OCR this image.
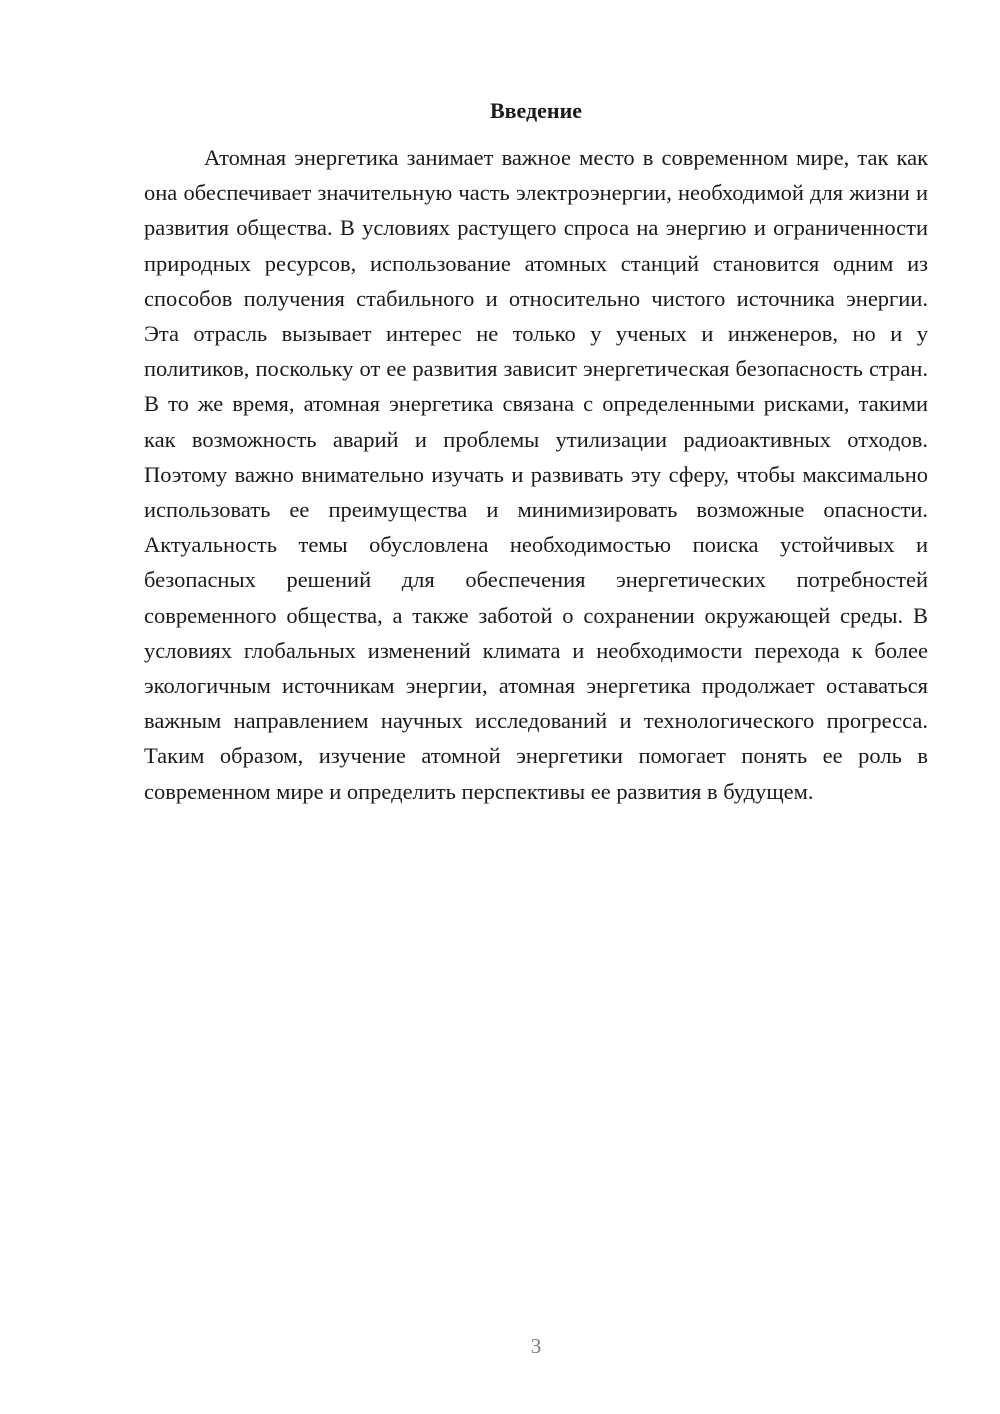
Введение

Атомная энергетика занимает важное место в современном мире, так как она обеспечивает значительную часть электроэнергии, необходимой для жизни и развития общества. В условиях растущего спроса на энергию и ограниченности природных ресурсов, использование атомных станций становится одним из способов получения стабильного и относительно чистого источника энергии. Эта отрасль вызывает интерес не только у ученых и инженеров, но и у политиков, поскольку от ее развития зависит энергетическая безопасность стран. В то же время, атомная энергетика связана с определенными рисками, такими как возможность аварий и проблемы утилизации радиоактивных отходов. Поэтому важно внимательно изучать и развивать эту сферу, чтобы максимально использовать ее преимущества и минимизировать возможные опасности. Актуальность темы обусловлена необходимостью поиска устойчивых и безопасных решений для обеспечения энергетических потребностей современного общества, а также заботой о сохранении окружающей среды. В условиях глобальных изменений климата и необходимости перехода к более экологичным источникам энергии, атомная энергетика продолжает оставаться важным направлением научных исследований и технологического прогресса. Таким образом, изучение атомной энергетики помогает понять ее роль в современном мире и определить перспективы ее развития в будущем.

3
